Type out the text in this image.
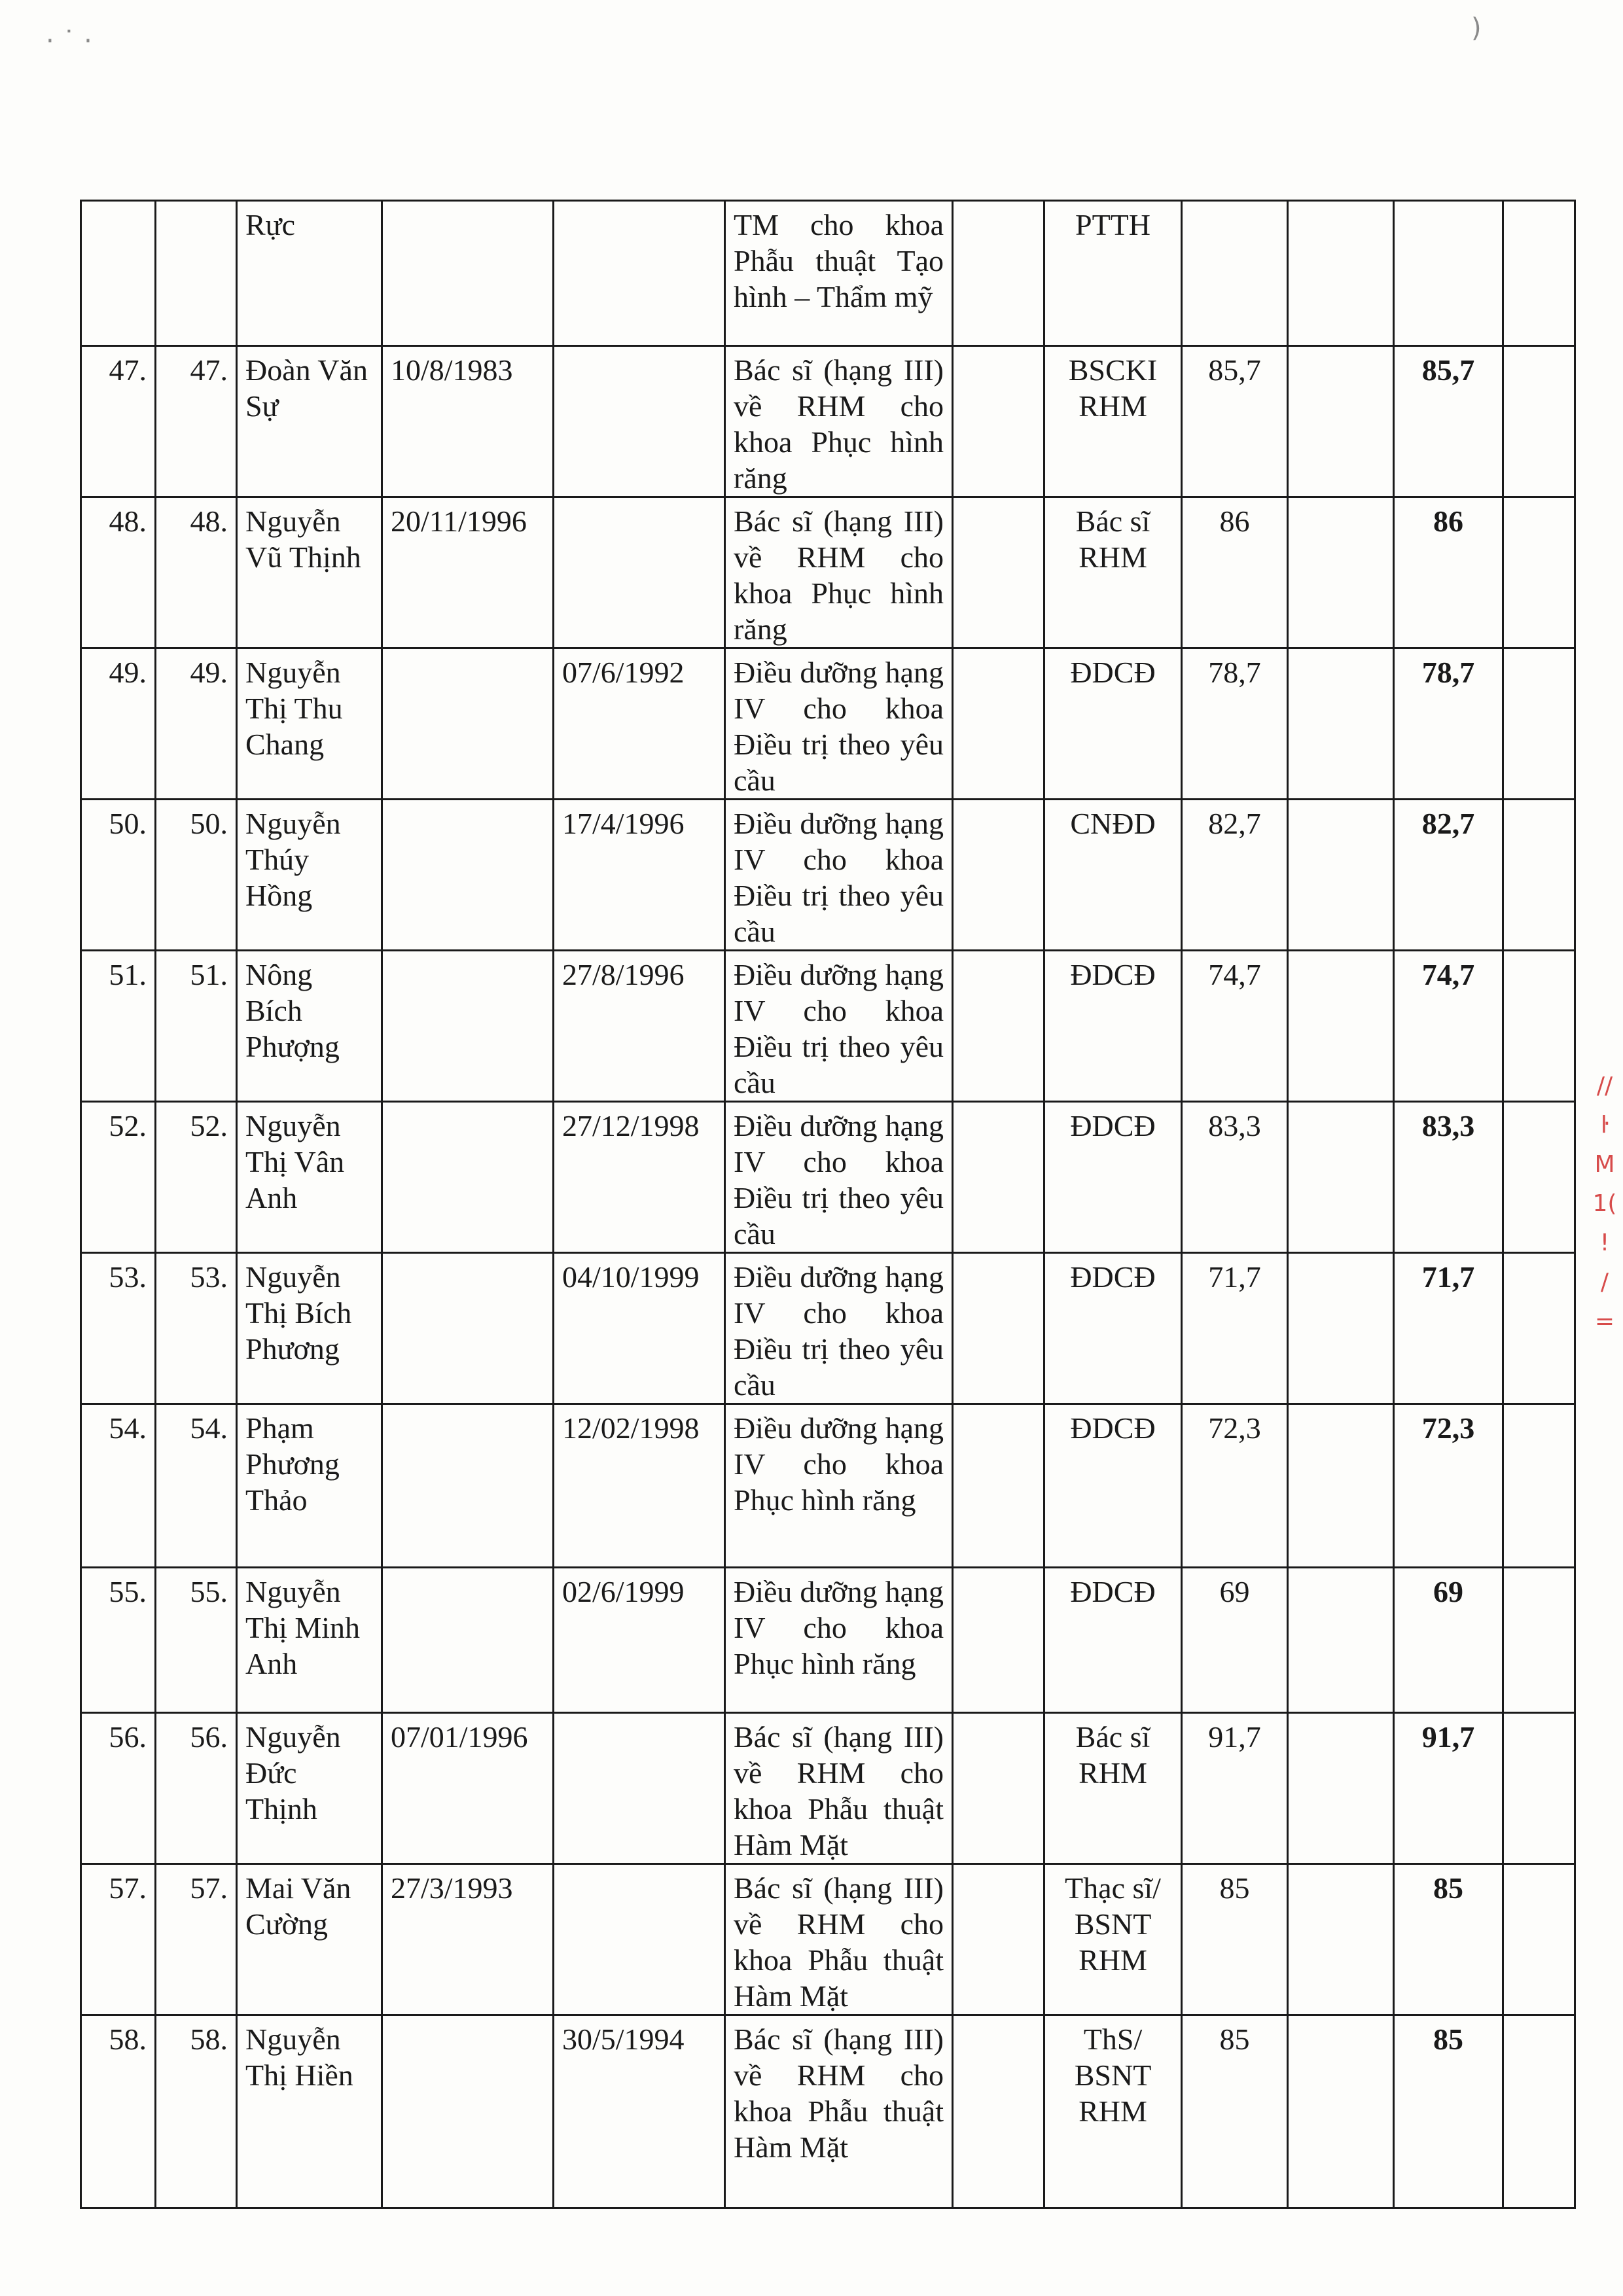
· ˙ ·	)
//
ŀ
M
1(
!
/
=
		Rực			TM cho khoa Phẫu thuật Tạo hình – Thẩm mỹ		PTTH				
47.	47.	Đoàn Văn Sự	10/8/1983		Bác sĩ (hạng III) về RHM cho khoa Phục hình răng		BSCKI RHM	85,7		85,7	
48.	48.	Nguyễn Vũ Thịnh	20/11/1996		Bác sĩ (hạng III) về RHM cho khoa Phục hình răng		Bác sĩ RHM	86		86	
49.	49.	Nguyễn Thị Thu Chang		07/6/1992	Điều dưỡng hạng IV cho khoa Điều trị theo yêu cầu		ĐDCĐ	78,7		78,7	
50.	50.	Nguyễn Thúy Hồng		17/4/1996	Điều dưỡng hạng IV cho khoa Điều trị theo yêu cầu		CNĐD	82,7		82,7	
51.	51.	Nông Bích Phượng		27/8/1996	Điều dưỡng hạng IV cho khoa Điều trị theo yêu cầu		ĐDCĐ	74,7		74,7	
52.	52.	Nguyễn Thị Vân Anh		27/12/1998	Điều dưỡng hạng IV cho khoa Điều trị theo yêu cầu		ĐDCĐ	83,3		83,3	
53.	53.	Nguyễn Thị Bích Phương		04/10/1999	Điều dưỡng hạng IV cho khoa Điều trị theo yêu cầu		ĐDCĐ	71,7		71,7	
54.	54.	Phạm Phương Thảo		12/02/1998	Điều dưỡng hạng IV cho khoa Phục hình răng		ĐDCĐ	72,3		72,3	
55.	55.	Nguyễn Thị Minh Anh		02/6/1999	Điều dưỡng hạng IV cho khoa Phục hình răng		ĐDCĐ	69		69	
56.	56.	Nguyễn Đức Thịnh	07/01/1996		Bác sĩ (hạng III) về RHM cho khoa Phẫu thuật Hàm Mặt		Bác sĩ RHM	91,7		91,7	
57.	57.	Mai Văn Cường	27/3/1993		Bác sĩ (hạng III) về RHM cho khoa Phẫu thuật Hàm Mặt		Thạc sĩ/ BSNT RHM	85		85	
58.	58.	Nguyễn Thị Hiền		30/5/1994	Bác sĩ (hạng III) về RHM cho khoa Phẫu thuật Hàm Mặt		ThS/ BSNT RHM	85		85	
